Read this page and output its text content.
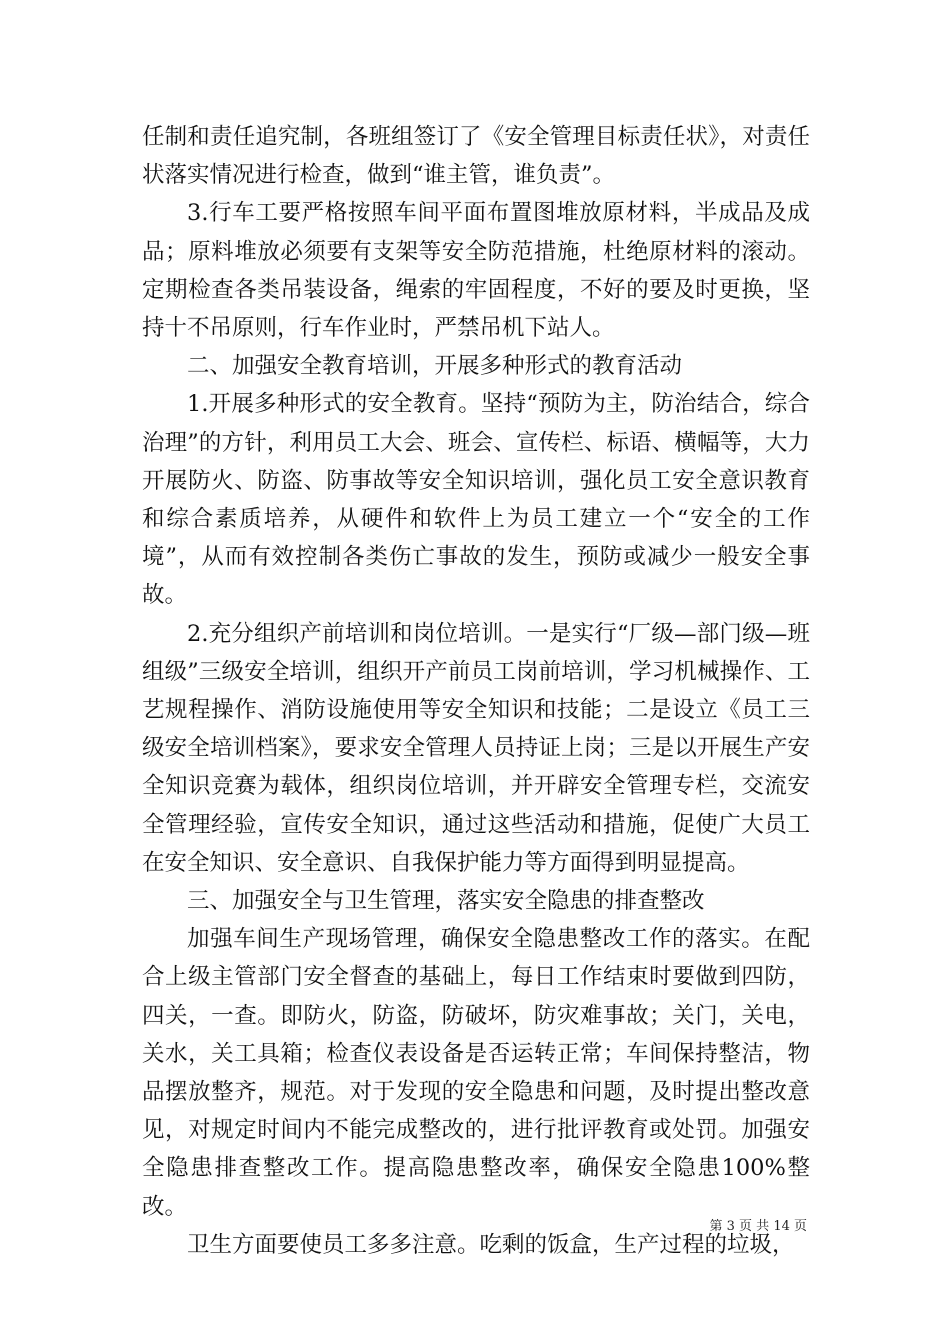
任制和责任追究制，各班组签订了《安全管理目标责任状》，对责任状落实情况进行检查，做到“谁主管，谁负责”。

3.行车工要严格按照车间平面布置图堆放原材料，半成品及成品；原料堆放必须要有支架等安全防范措施，杜绝原材料的滚动。定期检查各类吊装设备，绳索的牢固程度，不好的要及时更换，坚持十不吊原则，行车作业时，严禁吊机下站人。

二、加强安全教育培训，开展多种形式的教育活动

1.开展多种形式的安全教育。坚持“预防为主，防治结合，综合治理”的方针，利用员工大会、班会、宣传栏、标语、横幅等，大力开展防火、防盗、防事故等安全知识培训，强化员工安全意识教育和综合素质培养，从硬件和软件上为员工建立一个“安全的工作境”，从而有效控制各类伤亡事故的发生，预防或减少一般安全事故。

2.充分组织产前培训和岗位培训。一是实行“厂级—部门级—班组级”三级安全培训，组织开产前员工岗前培训，学习机械操作、工艺规程操作、消防设施使用等安全知识和技能；二是设立《员工三级安全培训档案》，要求安全管理人员持证上岗；三是以开展生产安全知识竞赛为载体，组织岗位培训，并开辟安全管理专栏，交流安全管理经验，宣传安全知识，通过这些活动和措施，促使广大员工在安全知识、安全意识、自我保护能力等方面得到明显提高。

三、加强安全与卫生管理，落实安全隐患的排查整改

加强车间生产现场管理，确保安全隐患整改工作的落实。在配合上级主管部门安全督查的基础上，每日工作结束时要做到四防，四关，一查。即防火，防盗，防破坏，防灾难事故；关门，关电，关水，关工具箱；检查仪表设备是否运转正常；车间保持整洁，物品摆放整齐，规范。对于发现的安全隐患和问题，及时提出整改意见，对规定时间内不能完成整改的，进行批评教育或处罚。加强安全隐患排查整改工作。提高隐患整改率，确保安全隐患100%整改。

卫生方面要使员工多多注意。吃剩的饭盒，生产过程的垃圾，

第 3 页 共 14 页
